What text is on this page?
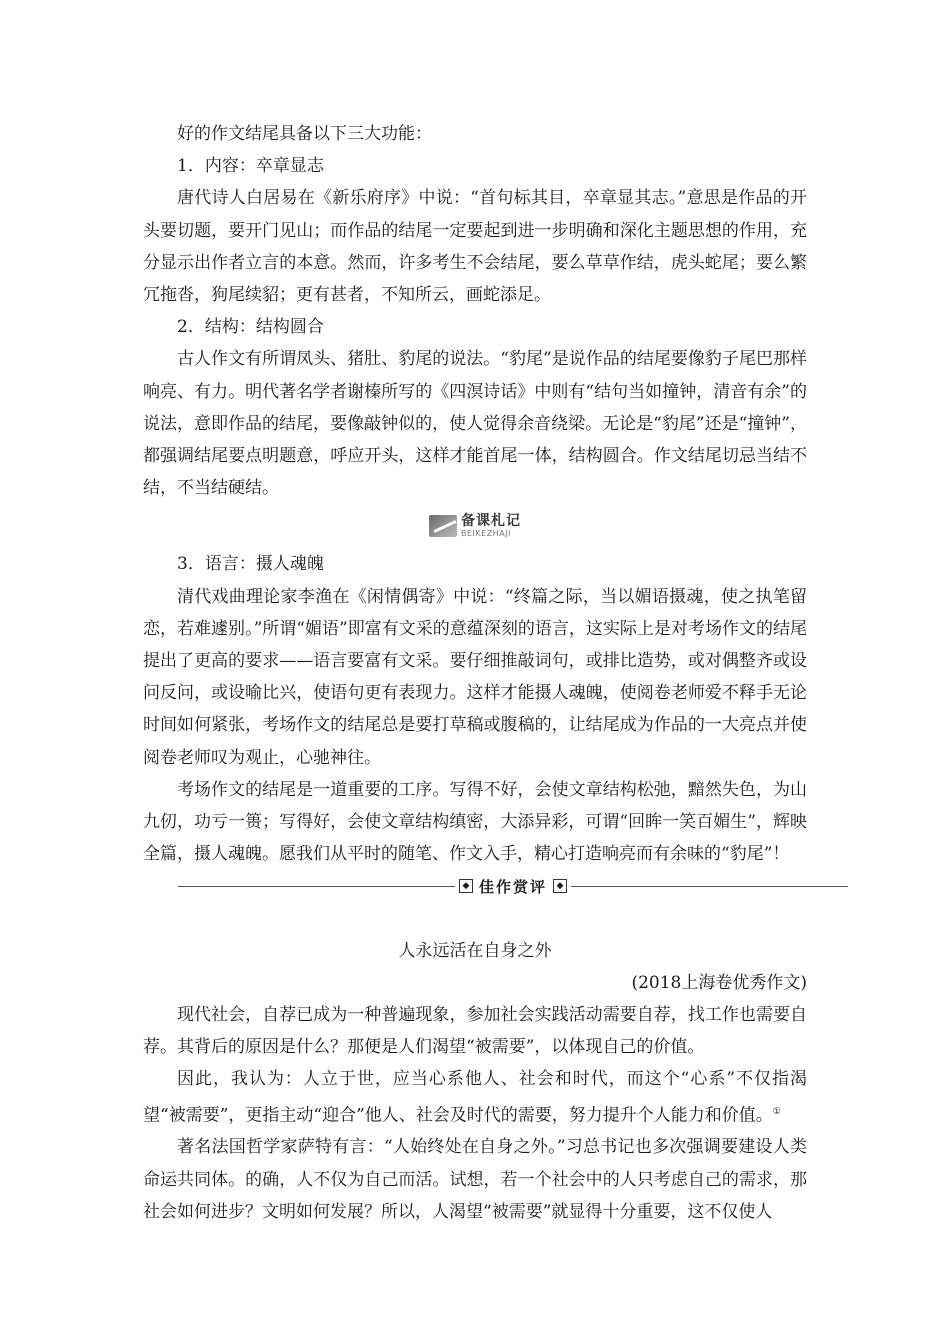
好的作文结尾具备以下三大功能：

1．内容：卒章显志

唐代诗人白居易在《新乐府序》中说：“首句标其目，卒章显其志。”意思是作品的开头要切题，要开门见山；而作品的结尾一定要起到进一步明确和深化主题思想的作用，充分显示出作者立言的本意。然而，许多考生不会结尾，要么草草作结，虎头蛇尾；要么繁冗拖沓，狗尾续貂；更有甚者，不知所云，画蛇添足。

2．结构：结构圆合

古人作文有所谓凤头、猪肚、豹尾的说法。“豹尾”是说作品的结尾要像豹子尾巴那样响亮、有力。明代著名学者谢榛所写的《四溟诗话》中则有“结句当如撞钟，清音有余”的说法，意即作品的结尾，要像敲钟似的，使人觉得余音绕梁。无论是“豹尾”还是“撞钟”，都强调结尾要点明题意，呼应开头，这样才能首尾一体，结构圆合。作文结尾切忌当结不结，不当结硬结。

备课札记
BEIKEZHAJI

3．语言：摄人魂魄

清代戏曲理论家李渔在《闲情偶寄》中说：“终篇之际，当以媚语摄魂，使之执笔留恋，若难遽别。”所谓“媚语”即富有文采的意蕴深刻的语言，这实际上是对考场作文的结尾提出了更高的要求——语言要富有文采。要仔细推敲词句，或排比造势，或对偶整齐或设问反问，或设喻比兴，使语句更有表现力。这样才能摄人魂魄，使阅卷老师爱不释手无论时间如何紧张，考场作文的结尾总是要打草稿或腹稿的，让结尾成为作品的一大亮点并使阅卷老师叹为观止，心驰神往。

考场作文的结尾是一道重要的工序。写得不好，会使文章结构松弛，黯然失色，为山九仞，功亏一篑；写得好，会使文章结构缜密，大添异彩，可谓“回眸一笑百媚生”，辉映全篇，摄人魂魄。愿我们从平时的随笔、作文入手，精心打造响亮而有余味的“豹尾”！

◆ 佳作赏评	◆

人永远活在自身之外

(2018上海卷优秀作文)

现代社会，自荐已成为一种普遍现象，参加社会实践活动需要自荐，找工作也需要自荐。其背后的原因是什么？那便是人们渴望“被需要”，以体现自己的价值。

因此，我认为：人立于世，应当心系他人、社会和时代，而这个“心系”不仅指渴望“被需要”，更指主动“迎合”他人、社会及时代的需要，努力提升个人能力和价值。①

著名法国哲学家萨特有言：“人始终处在自身之外。”习总书记也多次强调要建设人类命运共同体。的确，人不仅为自己而活。试想，若一个社会中的人只考虑自己的需求，那社会如何进步？文明如何发展？所以，人渴望“被需要”就显得十分重要，这不仅使人
